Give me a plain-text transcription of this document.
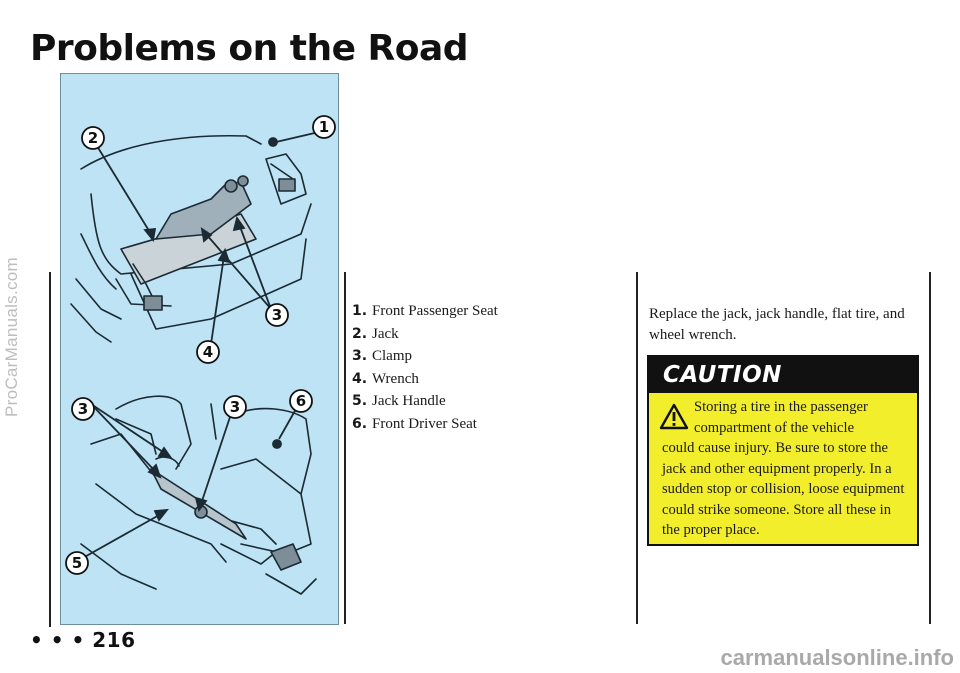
ProCarManuals.com
Problems on the Road
1
2
3
4
3	3	6
5
• • • 216
1. Front Passenger Seat
2. Jack
3. Clamp
4. Wrench
5. Jack Handle
6. Front Driver Seat

Replace the jack, jack handle, flat tire, and wheel wrench.

CAUTION

Storing a tire in the passenger
compartment of the vehicle
could cause injury. Be sure to store the jack and other equipment properly. In a sudden stop or collision, loose equipment could strike someone. Store all these in the proper place.

carmanualsonline.info
